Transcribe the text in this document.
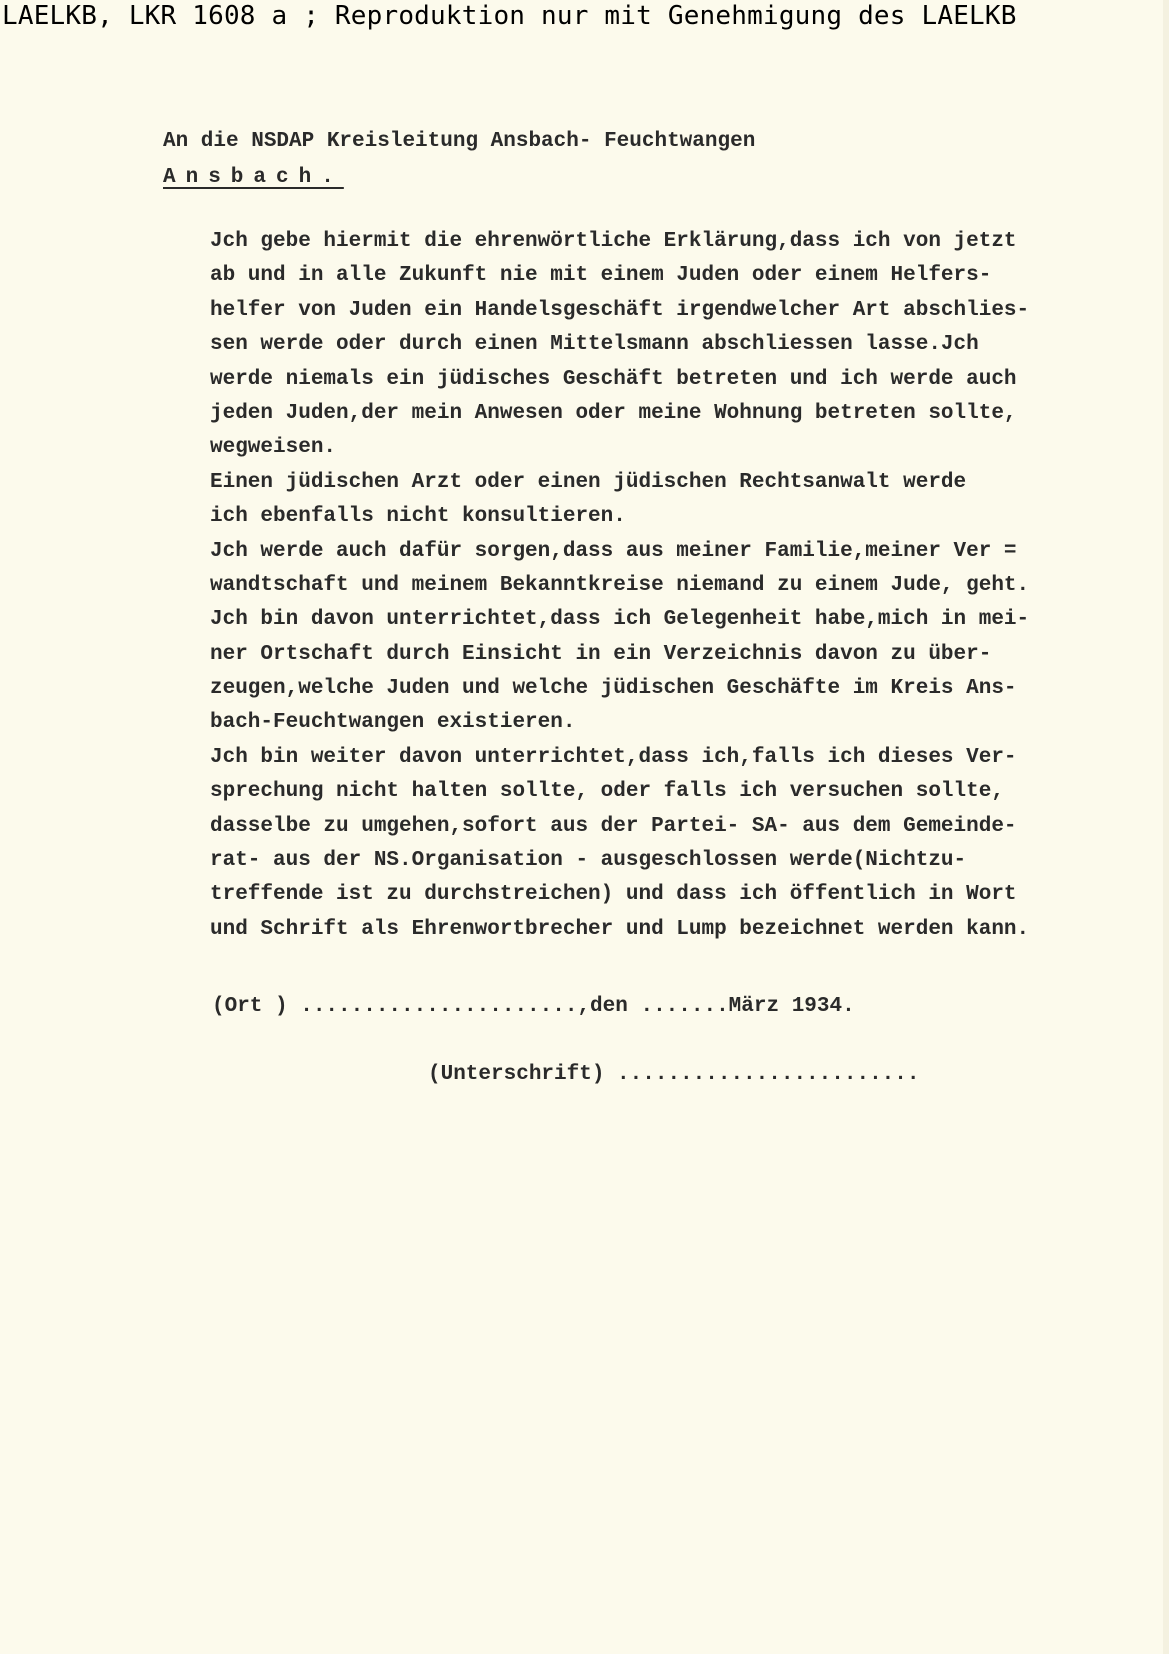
LAELKB, LKR 1608 a ; Reproduktion nur mit Genehmigung des LAELKB
An die NSDAP Kreisleitung Ansbach- Feuchtwangen
Ansbach.
Jch gebe hiermit die ehrenwörtliche Erklärung,dass ich von jetzt
ab und in alle Zukunft nie mit einem Juden oder einem Helfers-
helfer von Juden ein Handelsgeschäft irgendwelcher Art abschlies-
sen werde oder durch einen Mittelsmann abschliessen lasse.Jch
werde niemals ein jüdisches Geschäft betreten und ich werde auch
jeden Juden,der mein Anwesen oder meine Wohnung betreten sollte,
wegweisen.
Einen jüdischen Arzt oder einen jüdischen Rechtsanwalt werde
ich ebenfalls nicht konsultieren.
Jch werde auch dafür sorgen,dass aus meiner Familie,meiner Ver =
wandtschaft und meinem Bekanntkreise niemand zu einem Jude, geht.
Jch bin davon unterrichtet,dass ich Gelegenheit habe,mich in mei-
ner Ortschaft durch Einsicht in ein Verzeichnis davon zu über-
zeugen,welche Juden und welche jüdischen Geschäfte im Kreis Ans-
bach-Feuchtwangen existieren.
Jch bin weiter davon unterrichtet,dass ich,falls ich dieses Ver-
sprechung nicht halten sollte, oder falls ich versuchen sollte,
dasselbe zu umgehen,sofort aus der Partei- SA- aus dem Gemeinde-
rat- aus der NS.Organisation - ausgeschlossen werde(Nichtzu-
treffende ist zu durchstreichen) und dass ich öffentlich in Wort
und Schrift als Ehrenwortbrecher und Lump bezeichnet werden kann.
(Ort ) ......................,den .......März 1934.
(Unterschrift) ........................
